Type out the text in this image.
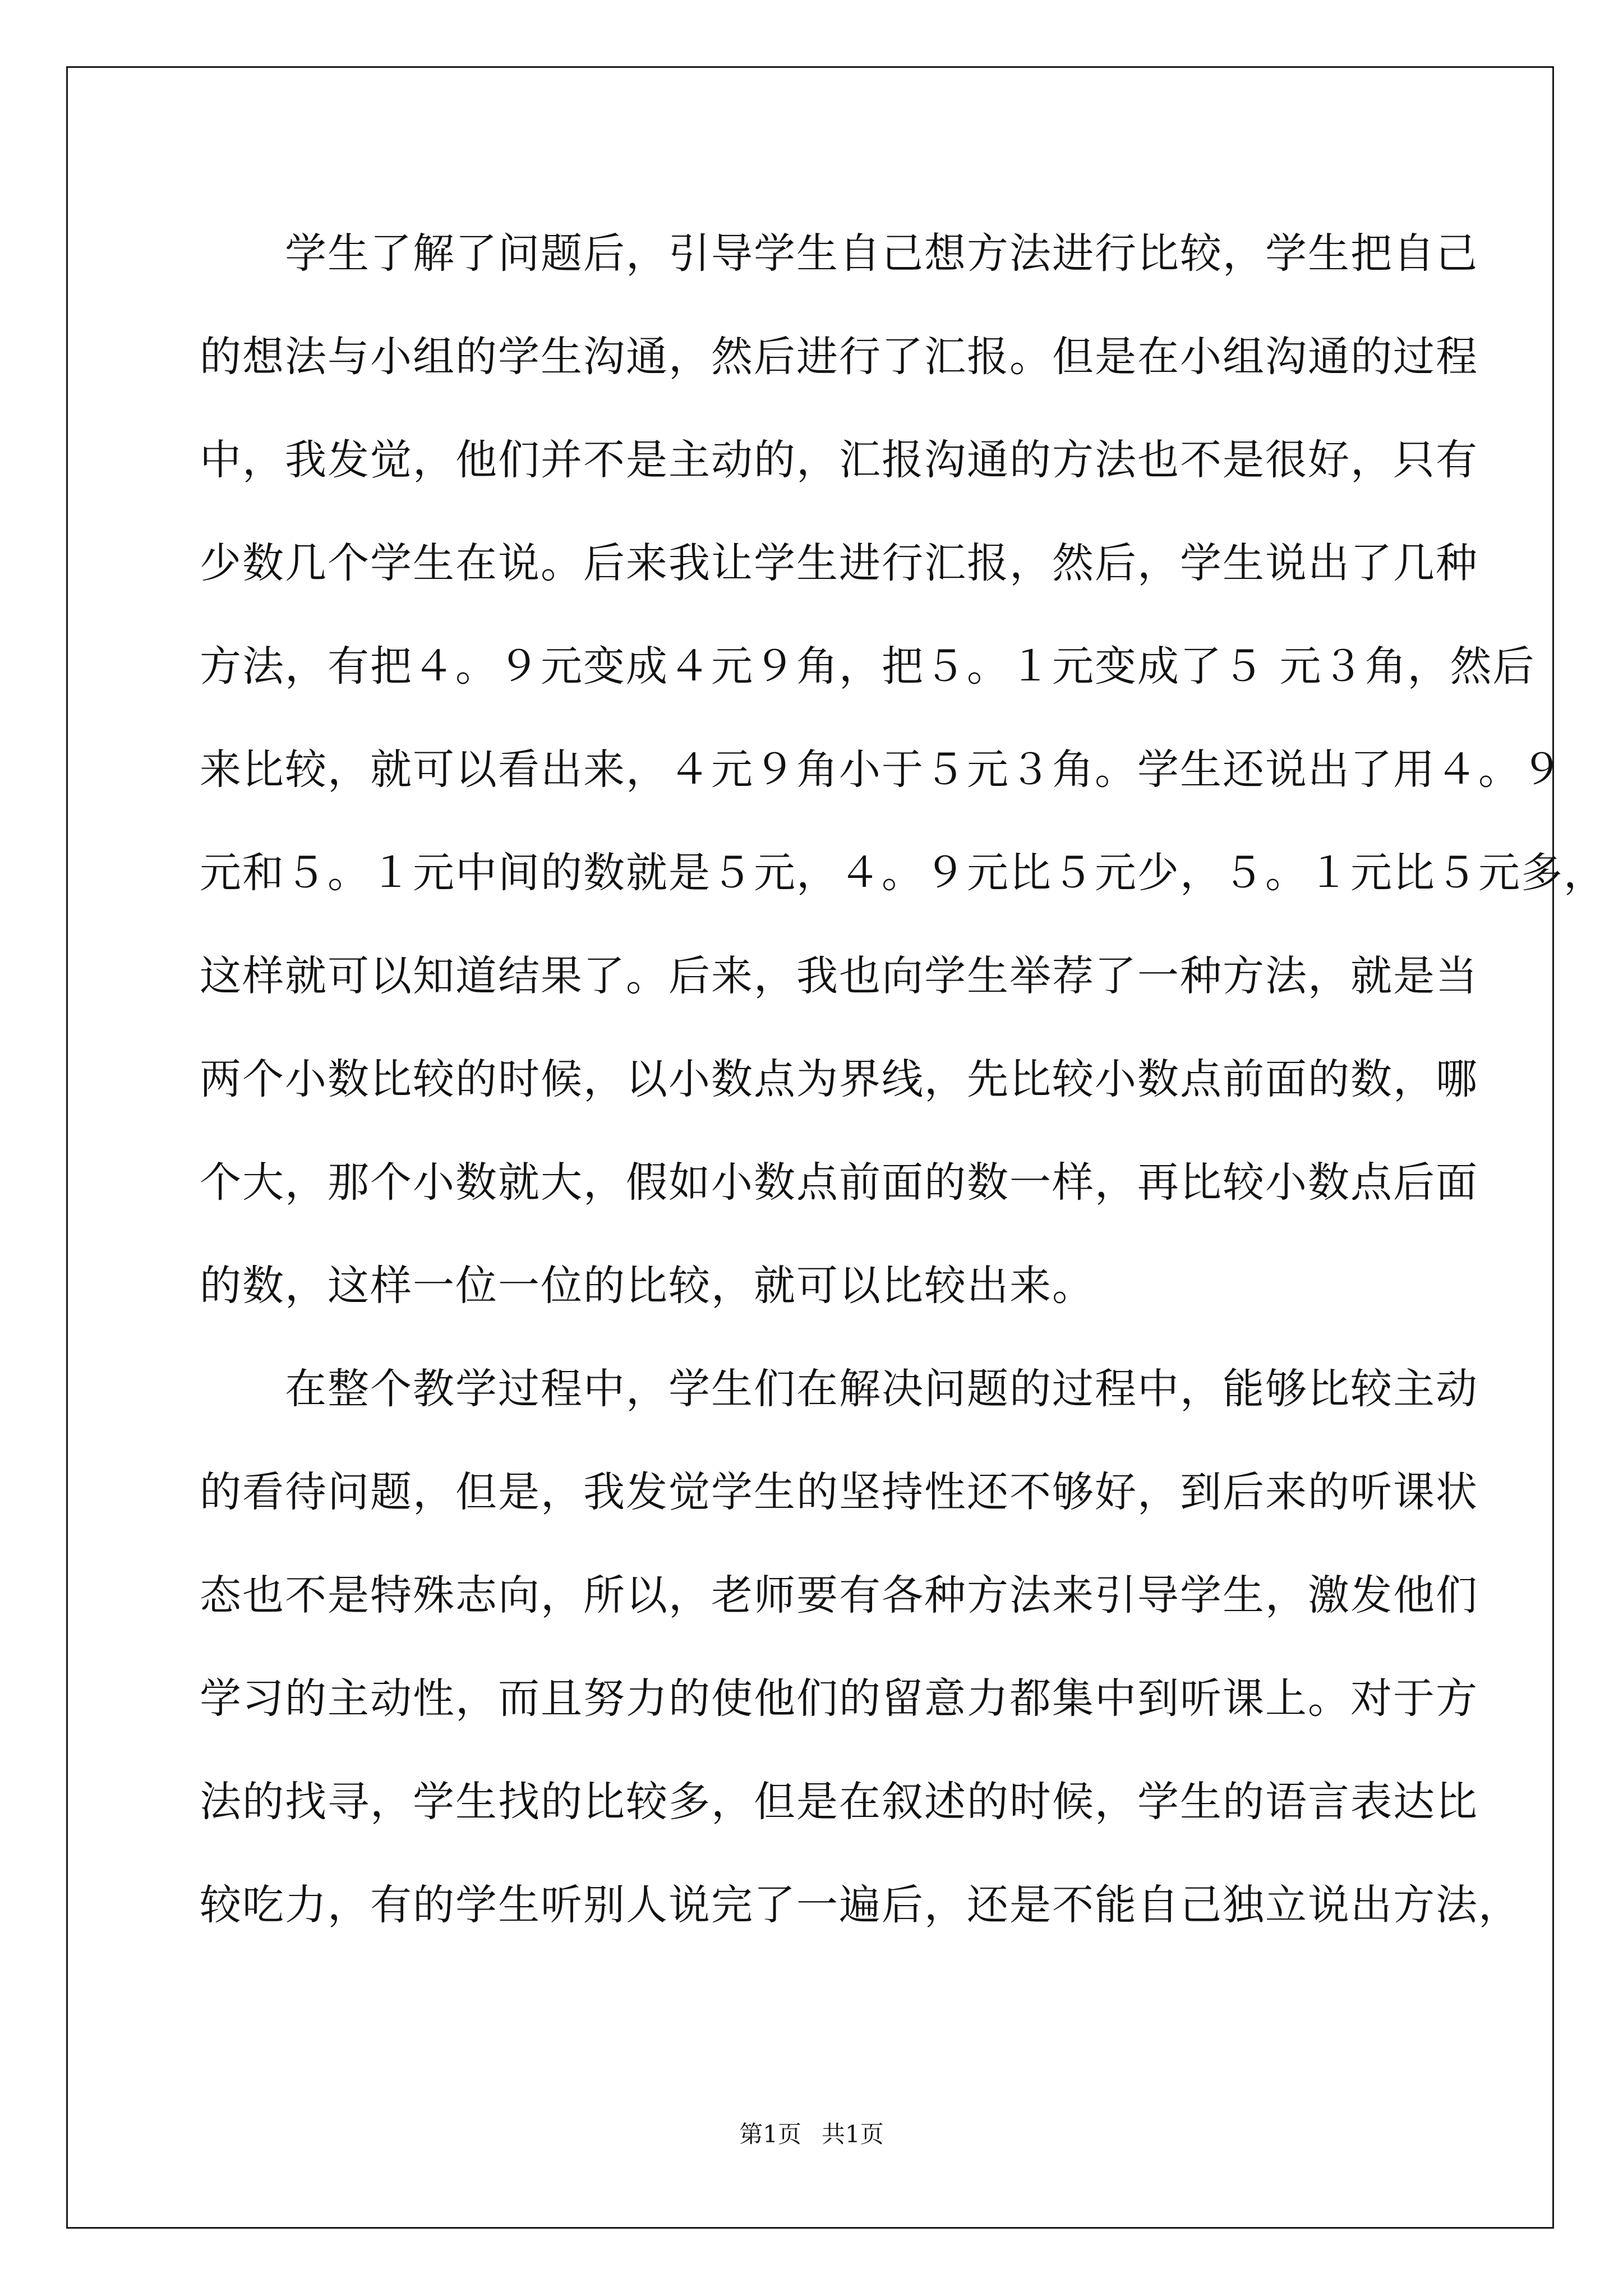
　　学生了解了问题后，引导学生自己想方法进行比较，学生把自己
的想法与小组的学生沟通，然后进行了汇报。但是在小组沟通的过程
中，我发觉，他们并不是主动的，汇报沟通的方法也不是很好，只有
少数几个学生在说。后来我让学生进行汇报，然后，学生说出了几种
方法，有把４。９元变成４元９角，把５。１元变成了５ 元３角，然后
来比较，就可以看出来，４元９角小于５元３角。学生还说出了用４。９
元和５。１元中间的数就是５元，４。９元比５元少，５。１元比５元多，
这样就可以知道结果了。后来，我也向学生举荐了一种方法，就是当
两个小数比较的时候，以小数点为界线，先比较小数点前面的数，哪
个大，那个小数就大，假如小数点前面的数一样，再比较小数点后面
的数，这样一位一位的比较，就可以比较出来。
　　在整个教学过程中，学生们在解决问题的过程中，能够比较主动
的看待问题，但是，我发觉学生的坚持性还不够好，到后来的听课状
态也不是特殊志向，所以，老师要有各种方法来引导学生，激发他们
学习的主动性，而且努力的使他们的留意力都集中到听课上。对于方
法的找寻，学生找的比较多，但是在叙述的时候，学生的语言表达比
较吃力，有的学生听别人说完了一遍后，还是不能自己独立说出方法，
第1页 共1页
